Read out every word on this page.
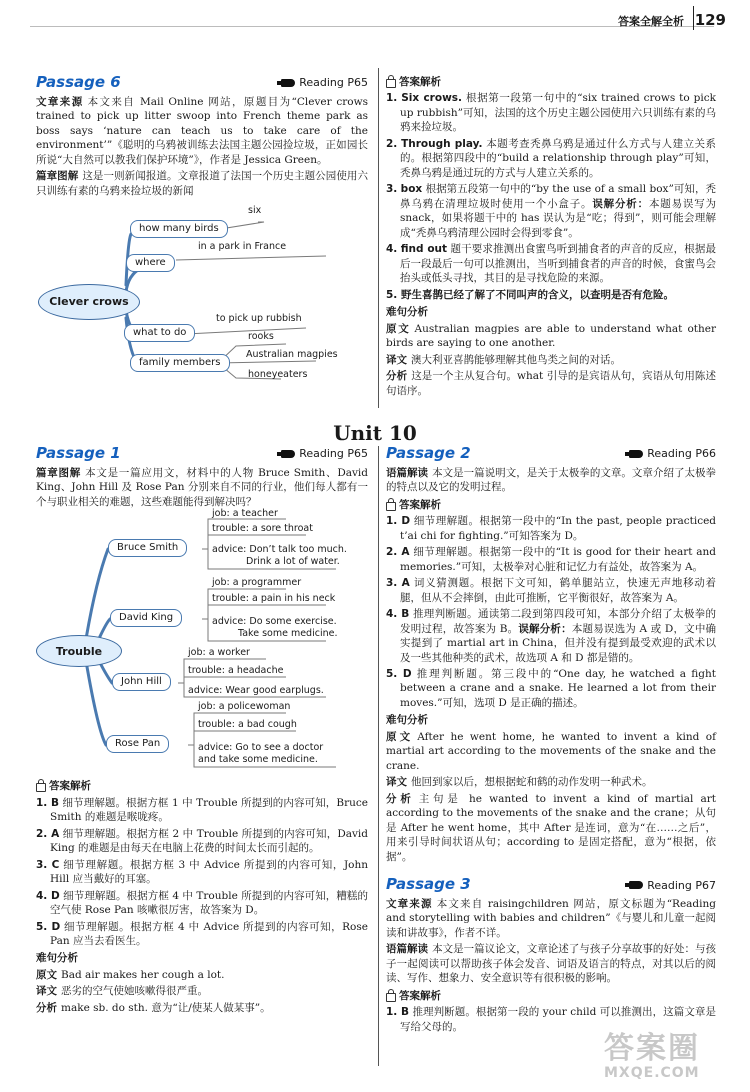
答案全解全析 129
Passage 6	Reading P65

文章来源 本文来自 Mail Online 网站，原题目为“Clever crows trained to pick up litter swoop into French theme park as boss says ‘nature can teach us to take care of the environment’”《聪明的乌鸦被训练去法国主题公园捡垃圾，正如园长所说“大自然可以教我们保护环境”》，作者是 Jessica Green。

篇章图解 这是一则新闻报道。文章报道了法国一个历史主题公园使用六只训练有素的乌鸦来捡垃圾的新闻

Clever crows
how many birds
six
where
in a park in France
what to do
to pick up rubbish
family members
rooks
Australian magpies
honeyeaters
答案解析

1. Six crows. 根据第一段第一句中的“six trained crows to pick up rubbish”可知，法国的这个历史主题公园使用六只训练有素的乌鸦来捡垃圾。

2. Through play. 本题考查秃鼻乌鸦是通过什么方式与人建立关系的。根据第四段中的“build a relationship through play”可知，秃鼻乌鸦是通过玩的方式与人建立关系的。

3. box 根据第五段第一句中的“by the use of a small box”可知，秃鼻乌鸦在清理垃圾时使用一个小盒子。误解分析：本题易误写为 snack，如果将题干中的 has 误认为是“吃；得到”，则可能会理解成“秃鼻乌鸦清理公园时会得到零食”。

4. find out 题干要求推测出食蜜鸟听到捕食者的声音的反应，根据最后一段最后一句可以推测出，当听到捕食者的声音的时候，食蜜鸟会抬头或低头寻找，其目的是寻找危险的来源。

5. 野生喜鹊已经了解了不同叫声的含义，以查明是否有危险。

难句分析

原文 Australian magpies are able to understand what other birds are saying to one another.

译文 澳大利亚喜鹊能够理解其他鸟类之间的对话。

分析 这是一个主从复合句。what 引导的是宾语从句，宾语从句用陈述句语序。

Unit 10
Passage 1	Reading P65

篇章图解 本文是一篇应用文，材料中的人物 Bruce Smith、David King、John Hill 及 Rose Pan 分别来自不同的行业，他们每人都有一个与职业相关的难题，这些难题能得到解决吗？

Trouble
Bruce Smith
job: a teacher
trouble: a sore throat
advice: Don’t talk too much.
Drink a lot of water.
David King
job: a programmer
trouble: a pain in his neck
advice: Do some exercise.
Take some medicine.
John Hill
job: a worker
trouble: a headache
advice: Wear good earplugs.
Rose Pan
job: a policewoman
trouble: a bad cough
advice: Go to see a doctor
and take some medicine.
答案解析

1. B 细节理解题。根据方框 1 中 Trouble 所提到的内容可知，Bruce Smith 的难题是喉咙疼。

2. A 细节理解题。根据方框 2 中 Trouble 所提到的内容可知，David King 的难题是由每天在电脑上花费的时间太长而引起的。

3. C 细节理解题。根据方框 3 中 Advice 所提到的内容可知，John Hill 应当戴好的耳塞。

4. D 细节理解题。根据方框 4 中 Trouble 所提到的内容可知，糟糕的空气使 Rose Pan 咳嗽很厉害，故答案为 D。

5. D 细节理解题。根据方框 4 中 Advice 所提到的内容可知，Rose Pan 应当去看医生。

难句分析

原文 Bad air makes her cough a lot.

译文 恶劣的空气使她咳嗽得很严重。

分析 make sb. do sth. 意为“让/使某人做某事”。

Passage 2	Reading P66

语篇解读 本文是一篇说明文，是关于太极拳的文章。文章介绍了太极拳的特点以及它的发明过程。

答案解析

1. D 细节理解题。根据第一段中的“In the past, people practiced t’ai chi for fighting.”可知答案为 D。

2. A 细节理解题。根据第一段中的“It is good for their heart and memories.”可知，太极拳对心脏和记忆力有益处，故答案为 A。

3. A 词义猜测题。根据下文可知，鹤单腿站立，快速无声地移动着腿，但从不会摔倒，由此可推断，它平衡很好，故答案为 A。

4. B 推理判断题。通读第二段到第四段可知，本部分介绍了太极拳的发明过程，故答案为 B。误解分析：本题易误选为 A 或 D，文中确实提到了 martial art in China，但并没有提到最受欢迎的武术以及一些其他种类的武术，故选项 A 和 D 都是错的。

5. D 推理判断题。第三段中的“One day, he watched a fight between a crane and a snake. He learned a lot from their moves.”可知，选项 D 是正确的描述。

难句分析

原文 After he went home, he wanted to invent a kind of martial art according to the movements of the snake and the crane.

译文 他回到家以后，想根据蛇和鹤的动作发明一种武术。

分析 主句是 he wanted to invent a kind of martial art according to the movements of the snake and the crane；从句是 After he went home，其中 After 是连词，意为“在……之后”，用来引导时间状语从句；according to 是固定搭配，意为“根据，依据”。

Passage 3	Reading P67

文章来源 本文来自 raisingchildren 网站，原文标题为“Reading and storytelling with babies and children”《与婴儿和儿童一起阅读和讲故事》，作者不详。

语篇解读 本文是一篇议论文，文章论述了与孩子分享故事的好处：与孩子一起阅读可以帮助孩子体会发音、词语及语言的特点，对其以后的阅读、写作、想象力、安全意识等有很积极的影响。

答案解析

1. B 推理判断题。根据第一段的 your child 可以推测出，这篇文章是写给父母的。

答案圈
MXQE.COM
